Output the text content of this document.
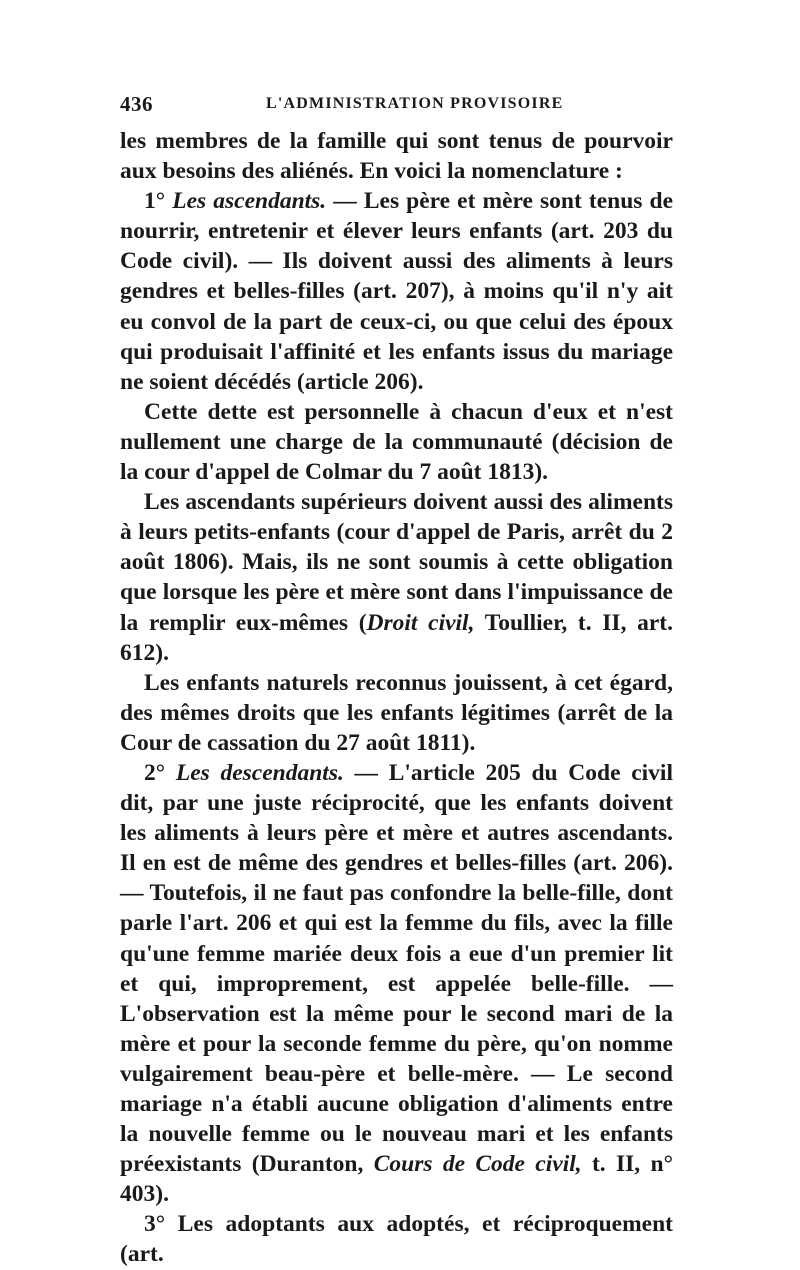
436	L'ADMINISTRATION PROVISOIRE

les membres de la famille qui sont tenus de pourvoir aux besoins des aliénés. En voici la nomenclature :

1° Les ascendants. — Les père et mère sont tenus de nourrir, entretenir et élever leurs enfants (art. 203 du Code civil). — Ils doivent aussi des aliments à leurs gendres et belles-filles (art. 207), à moins qu'il n'y ait eu convol de la part de ceux-ci, ou que celui des époux qui produisait l'affinité et les enfants issus du mariage ne soient décédés (article 206).

Cette dette est personnelle à chacun d'eux et n'est nullement une charge de la communauté (décision de la cour d'appel de Colmar du 7 août 1813).

Les ascendants supérieurs doivent aussi des aliments à leurs petits-enfants (cour d'appel de Paris, arrêt du 2 août 1806). Mais, ils ne sont soumis à cette obligation que lorsque les père et mère sont dans l'impuissance de la remplir eux-mêmes (Droit civil, Toullier, t. II, art. 612).

Les enfants naturels reconnus jouissent, à cet égard, des mêmes droits que les enfants légitimes (arrêt de la Cour de cassation du 27 août 1811).

2° Les descendants. — L'article 205 du Code civil dit, par une juste réciprocité, que les enfants doivent les aliments à leurs père et mère et autres ascendants. Il en est de même des gendres et belles-filles (art. 206). — Toutefois, il ne faut pas confondre la belle-fille, dont parle l'art. 206 et qui est la femme du fils, avec la fille qu'une femme mariée deux fois a eue d'un premier lit et qui, improprement, est appelée belle-fille. — L'observation est la même pour le second mari de la mère et pour la seconde femme du père, qu'on nomme vulgairement beau-père et belle-mère. — Le second mariage n'a établi aucune obligation d'aliments entre la nouvelle femme ou le nouveau mari et les enfants préexistants (Duranton, Cours de Code civil, t. II, n° 403).

3° Les adoptants aux adoptés, et réciproquement (art.
